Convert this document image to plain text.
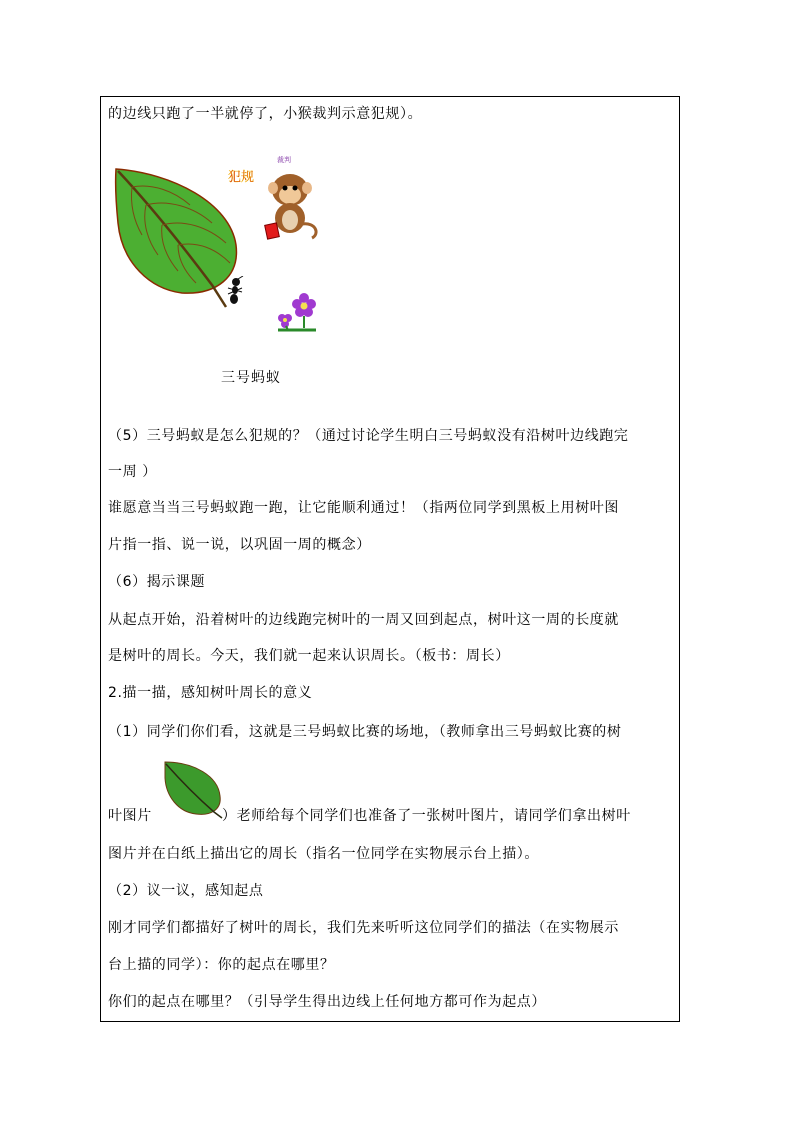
的边线只跑了一半就停了，小猴裁判示意犯规）。
犯规
裁判
三号蚂蚁
（5）三号蚂蚁是怎么犯规的？（通过讨论学生明白三号蚂蚁没有沿树叶边线跑完
一周 ）
谁愿意当当三号蚂蚁跑一跑，让它能顺利通过！（指两位同学到黑板上用树叶图
片指一指、说一说，以巩固一周的概念）
（6）揭示课题
从起点开始，沿着树叶的边线跑完树叶的一周又回到起点，树叶这一周的长度就
是树叶的周长。今天，我们就一起来认识周长。（板书：周长）
2.描一描，感知树叶周长的意义
（1）同学们你们看，这就是三号蚂蚁比赛的场地，（教师拿出三号蚂蚁比赛的树
叶图片	）老师给每个同学们也准备了一张树叶图片，请同学们拿出树叶
图片并在白纸上描出它的周长（指名一位同学在实物展示台上描）。
（2）议一议，感知起点
刚才同学们都描好了树叶的周长，我们先来听听这位同学们的描法（在实物展示
台上描的同学）：你的起点在哪里？
你们的起点在哪里？（引导学生得出边线上任何地方都可作为起点）
